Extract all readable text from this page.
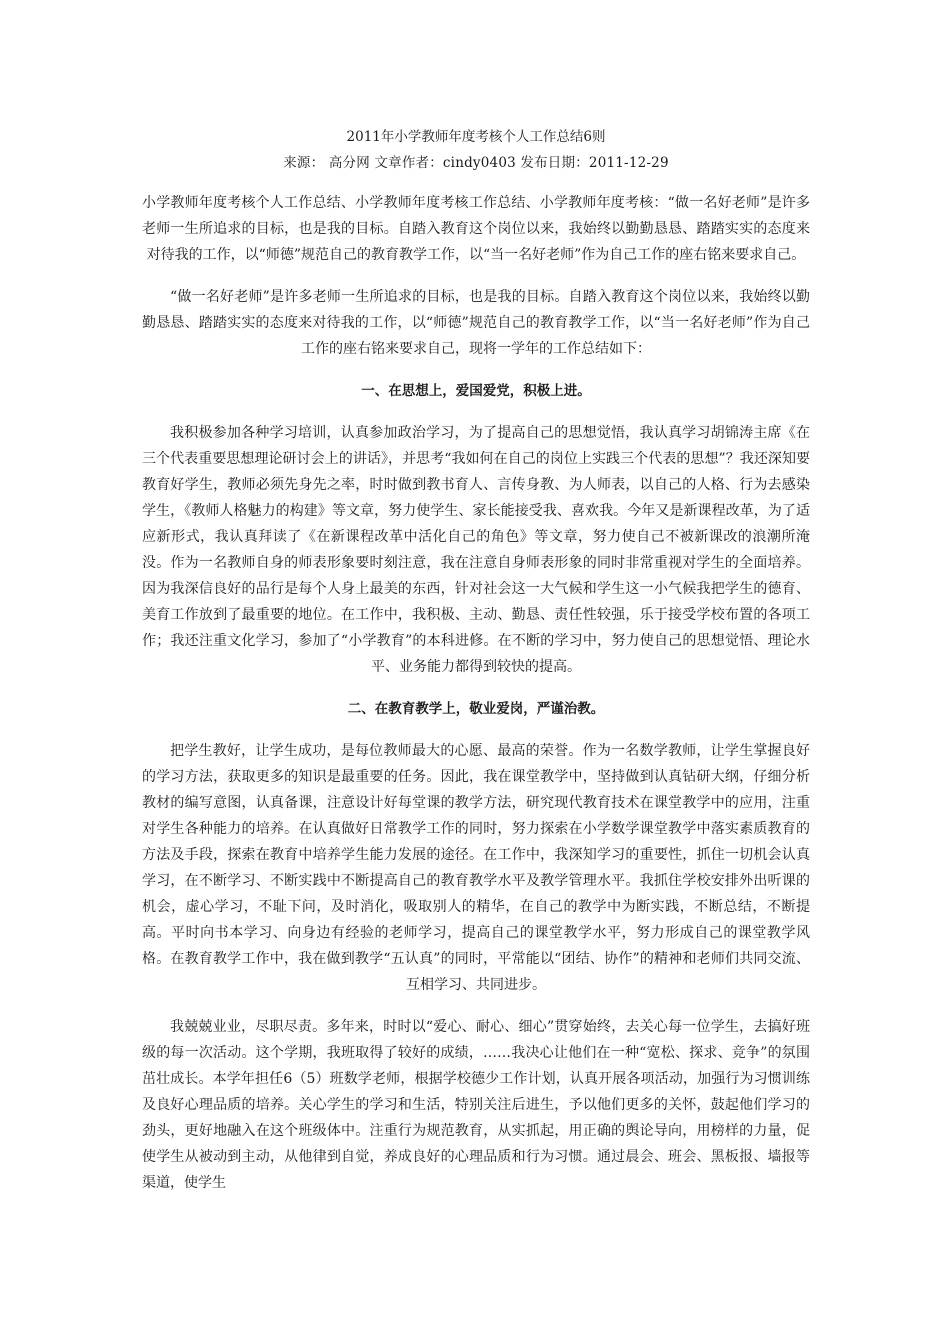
2011年小学教师年度考核个人工作总结6则

来源： 高分网 文章作者：cindy0403 发布日期：2011-12-29

小学教师年度考核个人工作总结、小学教师年度考核工作总结、小学教师年度考核：“做一名好老师”是许多老师一生所追求的目标，也是我的目标。自踏入教育这个岗位以来，我始终以勤勤恳恳、踏踏实实的态度来对待我的工作，以“师德”规范自己的教育教学工作，以“当一名好老师”作为自己工作的座右铭来要求自己。

“做一名好老师”是许多老师一生所追求的目标，也是我的目标。自踏入教育这个岗位以来，我始终以勤勤恳恳、踏踏实实的态度来对待我的工作，以“师德”规范自己的教育教学工作，以“当一名好老师”作为自己工作的座右铭来要求自己，现将一学年的工作总结如下：

一、在思想上，爱国爱党，积极上进。

我积极参加各种学习培训，认真参加政治学习，为了提高自己的思想觉悟，我认真学习胡锦涛主席《在三个代表重要思想理论研讨会上的讲话》，并思考“我如何在自己的岗位上实践三个代表的思想”？我还深知要教育好学生，教师必须先身先之率，时时做到教书育人、言传身教、为人师表，以自己的人格、行为去感染学生，《教师人格魅力的构建》等文章，努力使学生、家长能接受我、喜欢我。今年又是新课程改革，为了适应新形式，我认真拜读了《在新课程改革中活化自己的角色》等文章，努力使自己不被新课改的浪潮所淹没。作为一名教师自身的师表形象要时刻注意，我在注意自身师表形象的同时非常重视对学生的全面培养。因为我深信良好的品行是每个人身上最美的东西，针对社会这一大气候和学生这一小气候我把学生的德育、美育工作放到了最重要的地位。在工作中，我积极、主动、勤恳、责任性较强，乐于接受学校布置的各项工作；我还注重文化学习，参加了“小学教育”的本科进修。在不断的学习中，努力使自己的思想觉悟、理论水平、业务能力都得到较快的提高。

二、在教育教学上，敬业爱岗，严谨治教。

把学生教好，让学生成功，是每位教师最大的心愿、最高的荣誉。作为一名数学教师，让学生掌握良好的学习方法，获取更多的知识是最重要的任务。因此，我在课堂教学中，坚持做到认真钻研大纲，仔细分析教材的编写意图，认真备课，注意设计好每堂课的教学方法，研究现代教育技术在课堂教学中的应用，注重对学生各种能力的培养。在认真做好日常教学工作的同时，努力探索在小学数学课堂教学中落实素质教育的方法及手段，探索在教育中培养学生能力发展的途径。在工作中，我深知学习的重要性，抓住一切机会认真学习，在不断学习、不断实践中不断提高自己的教育教学水平及教学管理水平。我抓住学校安排外出听课的机会，虚心学习，不耻下问，及时消化，吸取别人的精华，在自己的教学中为断实践，不断总结，不断提高。平时向书本学习、向身边有经验的老师学习，提高自己的课堂教学水平，努力形成自己的课堂教学风格。在教育教学工作中，我在做到教学“五认真”的同时，平常能以“团结、协作”的精神和老师们共同交流、互相学习、共同进步。

我兢兢业业，尽职尽责。多年来，时时以“爱心、耐心、细心”贯穿始终，去关心每一位学生，去搞好班级的每一次活动。这个学期，我班取得了较好的成绩，……我决心让他们在一种“宽松、探求、竞争”的氛围茁壮成长。本学年担任6（5）班数学老师，根据学校德少工作计划，认真开展各项活动，加强行为习惯训练及良好心理品质的培养。关心学生的学习和生活，特别关注后进生，予以他们更多的关怀，鼓起他们学习的劲头，更好地融入在这个班级体中。注重行为规范教育，从实抓起，用正确的舆论导向，用榜样的力量，促使学生从被动到主动，从他律到自觉，养成良好的心理品质和行为习惯。通过晨会、班会、黑板报、墙报等渠道，使学生
